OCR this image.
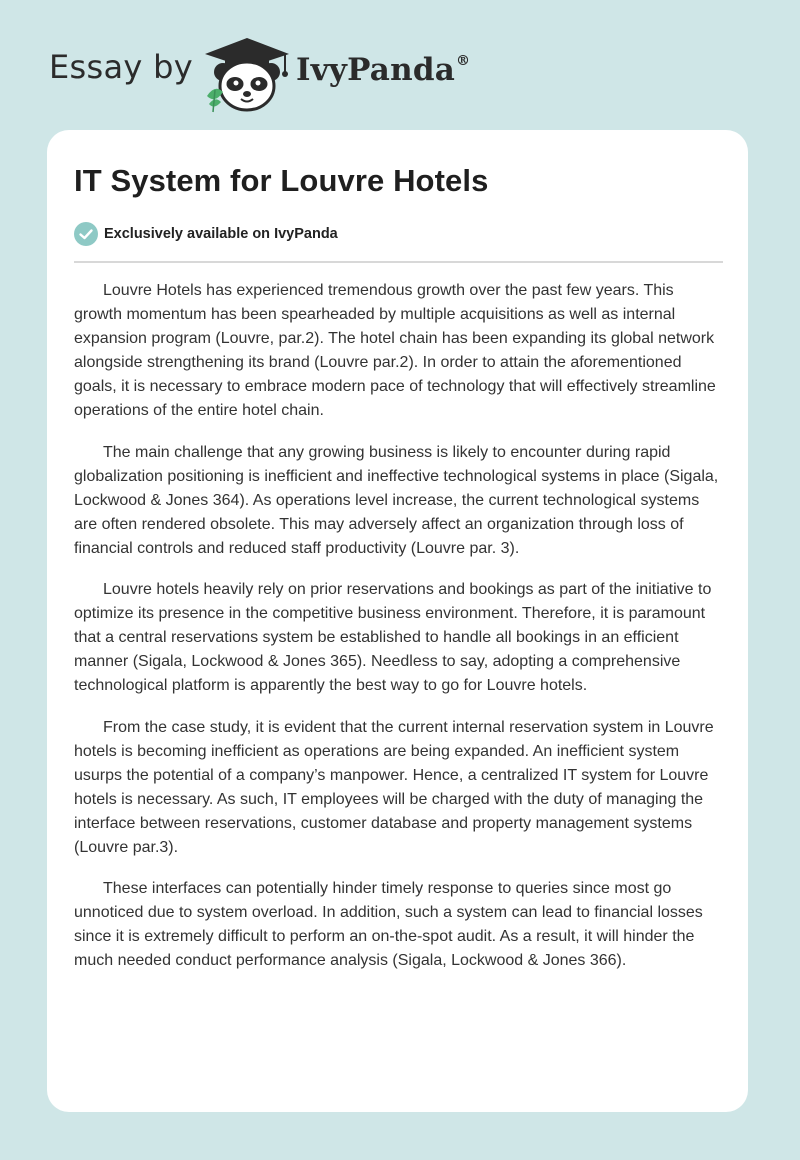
Essay by	IvyPanda®
IT System for Louvre Hotels
Exclusively available on IvyPanda

Louvre Hotels has experienced tremendous growth over the past few years. This growth momentum has been spearheaded by multiple acquisitions as well as internal expansion program (Louvre, par.2). The hotel chain has been expanding its global network alongside strengthening its brand (Louvre par.2). In order to attain the aforementioned goals, it is necessary to embrace modern pace of technology that will effectively streamline operations of the entire hotel chain.

The main challenge that any growing business is likely to encounter during rapid globalization positioning is inefficient and ineffective technological systems in place (Sigala, Lockwood & Jones 364). As operations level increase, the current technological systems are often rendered obsolete. This may adversely affect an organization through loss of financial controls and reduced staff productivity (Louvre par. 3).

Louvre hotels heavily rely on prior reservations and bookings as part of the initiative to optimize its presence in the competitive business environment. Therefore, it is paramount that a central reservations system be established to handle all bookings in an efficient manner (Sigala, Lockwood & Jones 365). Needless to say, adopting a comprehensive technological platform is apparently the best way to go for Louvre hotels.

From the case study, it is evident that the current internal reservation system in Louvre hotels is becoming inefficient as operations are being expanded. An inefficient system usurps the potential of a company’s manpower. Hence, a centralized IT system for Louvre hotels is necessary. As such, IT employees will be charged with the duty of managing the interface between reservations, customer database and property management systems (Louvre par.3).

These interfaces can potentially hinder timely response to queries since most go unnoticed due to system overload. In addition, such a system can lead to financial losses since it is extremely difficult to perform an on-the-spot audit. As a result, it will hinder the much needed conduct performance analysis (Sigala, Lockwood & Jones 366).
